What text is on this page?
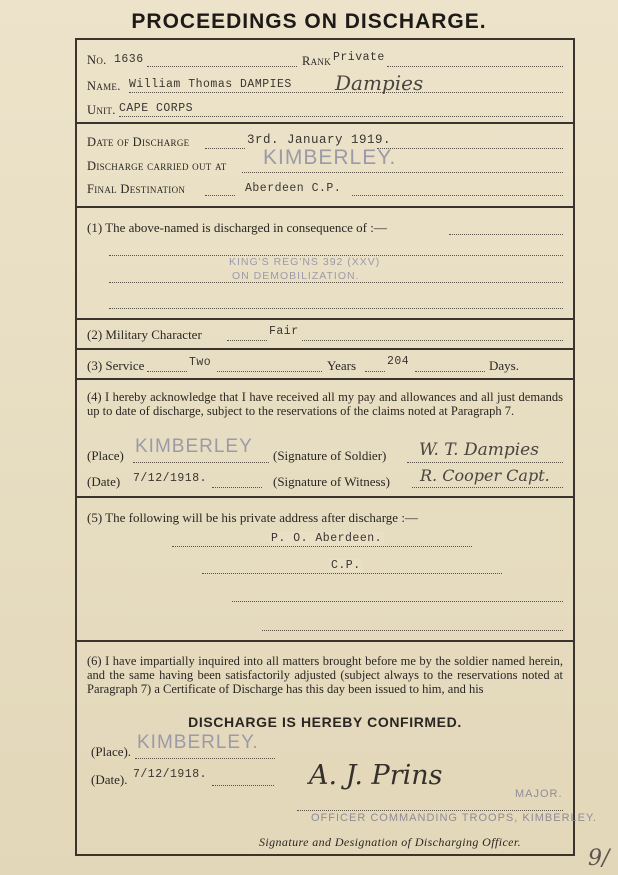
PROCEEDINGS ON DISCHARGE.
No. 1636	Rank Private
Name. William Thomas DAMPIES Dampies
Unit. CAPE CORPS
Date of Discharge	3rd. January 1919.
Discharge carried out at KIMBERLEY.
Final Destination	Aberdeen C.P.
(1) The above-named is discharged in consequence of :—
KING'S REG'NS 392 (XXV)
ON DEMOBILIZATION.
(2) Military Character	Fair
(3) Service	Two	Years	204	Days.
(4) I hereby acknowledge that I have received all my pay and allowances and all just demands up to date of discharge, subject to the reservations of the claims noted at Paragraph 7.
(Place) KIMBERLEY (Signature of Soldier) W. T. Dampies
(Date) 7/12/1918.	(Signature of Witness) R. Cooper Capt.
(5) The following will be his private address after discharge :—
P. O. Aberdeen.
C.P.
(6) I have impartially inquired into all matters brought before me by the soldier named herein, and the same having been satisfactorily adjusted (subject always to the reservations noted at Paragraph 7) a Certificate of Discharge has this day been issued to him, and his
DISCHARGE IS HEREBY CONFIRMED.
(Place). KIMBERLEY.
(Date). 7/12/1918.	A. J. Prins
MAJOR.
OFFICER COMMANDING TROOPS, KIMBERLEY.
Signature and Designation of Discharging Officer.
9/
